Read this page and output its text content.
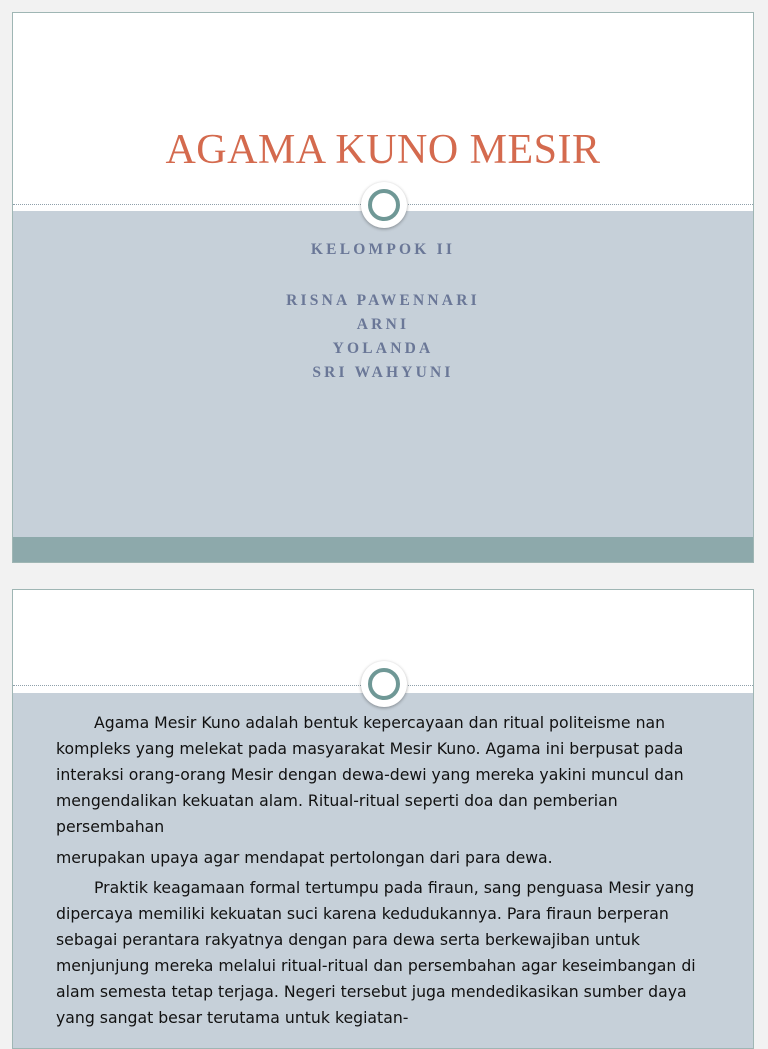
AGAMA KUNO MESIR
KELOMPOK II
RISNA PAWENNARI
ARNI
YOLANDA
SRI WAHYUNI

Agama Mesir Kuno adalah bentuk kepercayaan dan ritual politeisme nan kompleks yang melekat pada masyarakat Mesir Kuno. Agama ini berpusat pada interaksi orang-orang Mesir dengan dewa-dewi yang mereka yakini muncul dan mengendalikan kekuatan alam. Ritual-ritual seperti doa dan pemberian persembahan

merupakan upaya agar mendapat pertolongan dari para dewa.

Praktik keagamaan formal tertumpu pada firaun, sang penguasa Mesir yang dipercaya memiliki kekuatan suci karena kedudukannya. Para firaun berperan sebagai perantara rakyatnya dengan para dewa serta berkewajiban untuk menjunjung mereka melalui ritual-ritual dan persembahan agar keseimbangan di alam semesta tetap terjaga. Negeri tersebut juga mendedikasikan sumber daya yang sangat besar terutama untuk kegiatan-
